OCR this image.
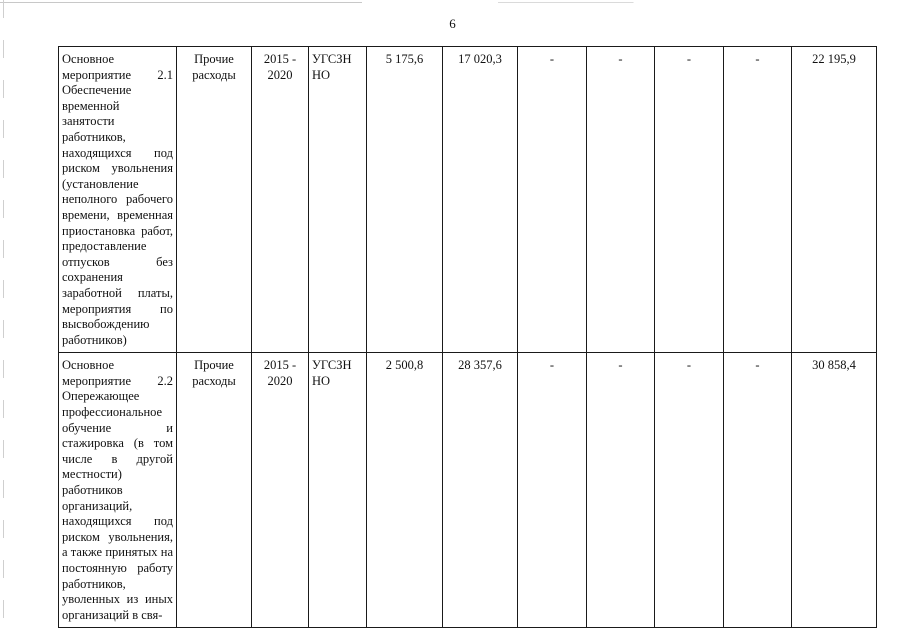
6
Основное
мероприятие 2.1 Обеспечение временной занятости работников, находящихся под риском увольнения (установление неполного рабочего времени, временная приостановка работ, предоставление отпусков без сохранения заработной платы, мероприятия по высвобождению работников)	Прочие расходы	2015 - 2020	УГСЗН НО	5 175,6	17 020,3	-	-	-	-	22 195,9

Основное
мероприятие 2.2 Опережающее профессиональное обучение и стажировка (в том числе в другой местности) работников организаций, находящихся под риском увольнения, а также принятых на постоянную работу работников, уволенных из иных организаций в свя-	Прочие расходы	2015 - 2020	УГСЗН НО	2 500,8	28 357,6	-	-	-	-	30 858,4
